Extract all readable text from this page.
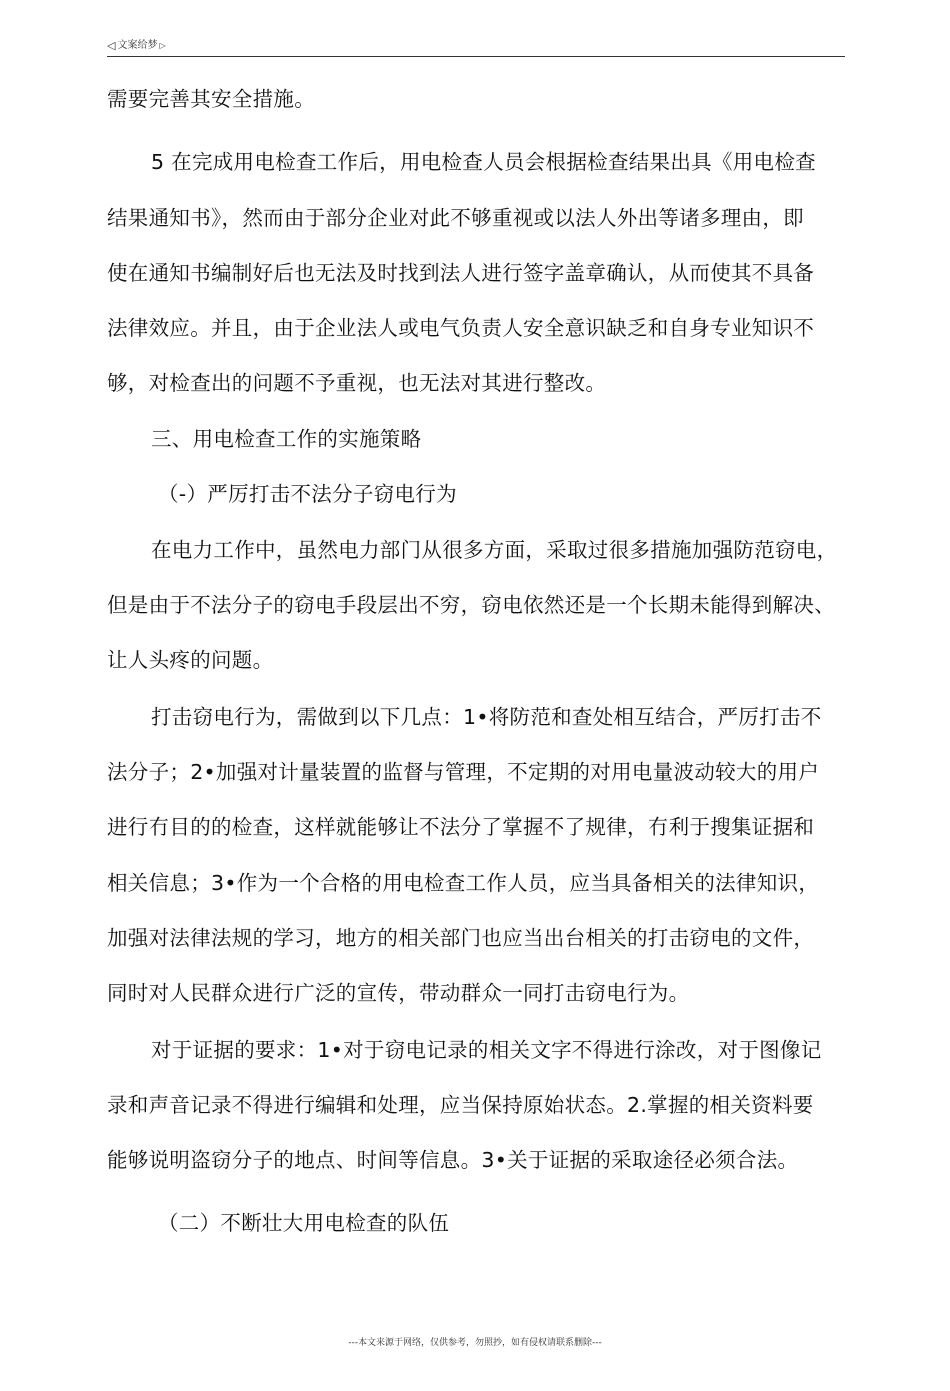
◁ 文案给梦 ▷
需要完善其安全措施。
5 在完成用电检查工作后，用电检查人员会根据检查结果出具《用电检查
结果通知书》，然而由于部分企业对此不够重视或以法人外出等诸多理由，即
使在通知书编制好后也无法及时找到法人进行签字盖章确认，从而使其不具备
法律效应。并且，由于企业法人或电气负责人安全意识缺乏和自身专业知识不
够，对检查出的问题不予重视，也无法对其进行整改。
三、用电检查工作的实施策略
（-）严厉打击不法分子窃电行为
在电力工作中，虽然电力部门从很多方面，采取过很多措施加强防范窃电，
但是由于不法分子的窃电手段层出不穷，窃电依然还是一个长期未能得到解决、
让人头疼的问题。
打击窃电行为，需做到以下几点：1•将防范和查处相互结合，严厉打击不
法分子；2•加强对计量装置的监督与管理，不定期的对用电量波动较大的用户
进行冇目的的检查，这样就能够让不法分了掌握不了规律，冇利于搜集证据和
相关信息；3•作为一个合格的用电检查工作人员，应当具备相关的法律知识，
加强对法律法规的学习，地方的相关部门也应当出台相关的打击窃电的文件，
同时对人民群众进行广泛的宣传，带动群众一同打击窃电行为。
对于证据的要求：1•对于窃电记录的相关文字不得进行涂改，对于图像记
录和声音记录不得进行编辑和处理，应当保持原始状态。2.掌握的相关资料要
能够说明盗窃分子的地点、时间等信息。3•关于证据的采取途径必须合法。
（二）不断壮大用电检查的队伍
---本文来源于网络，仅供参考，勿照抄，如有侵权请联系删除---
